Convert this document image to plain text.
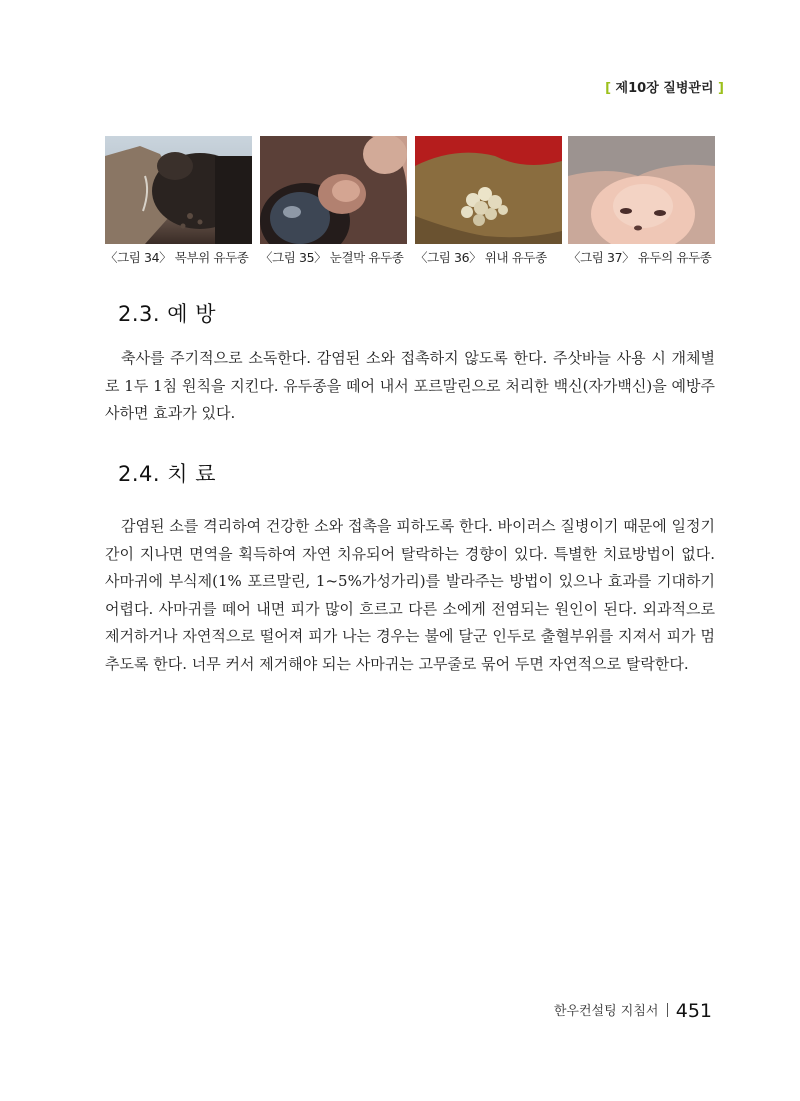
[ 제10장 질병관리 ]
〈그림 34〉 목부위 유두종 〈그림 35〉 눈결막 유두종 〈그림 36〉 위내 유두종	〈그림 37〉 유두의 유두종
2.3. 예 방
축사를 주기적으로 소독한다. 감염된 소와 접촉하지 않도록 한다. 주삿바늘 사용 시 개체별로 1두 1침 원칙을 지킨다. 유두종을 떼어 내서 포르말린으로 처리한 백신(자가백신)을 예방주사하면 효과가 있다.
2.4. 치 료
감염된 소를 격리하여 건강한 소와 접촉을 피하도록 한다. 바이러스 질병이기 때문에 일정기간이 지나면 면역을 획득하여 자연 치유되어 탈락하는 경향이 있다. 특별한 치료방법이 없다. 사마귀에 부식제(1% 포르말린, 1~5%가성가리)를 발라주는 방법이 있으나 효과를 기대하기 어렵다. 사마귀를 떼어 내면 피가 많이 흐르고 다른 소에게 전염되는 원인이 된다. 외과적으로 제거하거나 자연적으로 떨어져 피가 나는 경우는 불에 달군 인두로 출혈부위를 지져서 피가 멈추도록 한다. 너무 커서 제거해야 되는 사마귀는 고무줄로 묶어 두면 자연적으로 탈락한다.
한우컨설팅 지침서 451
